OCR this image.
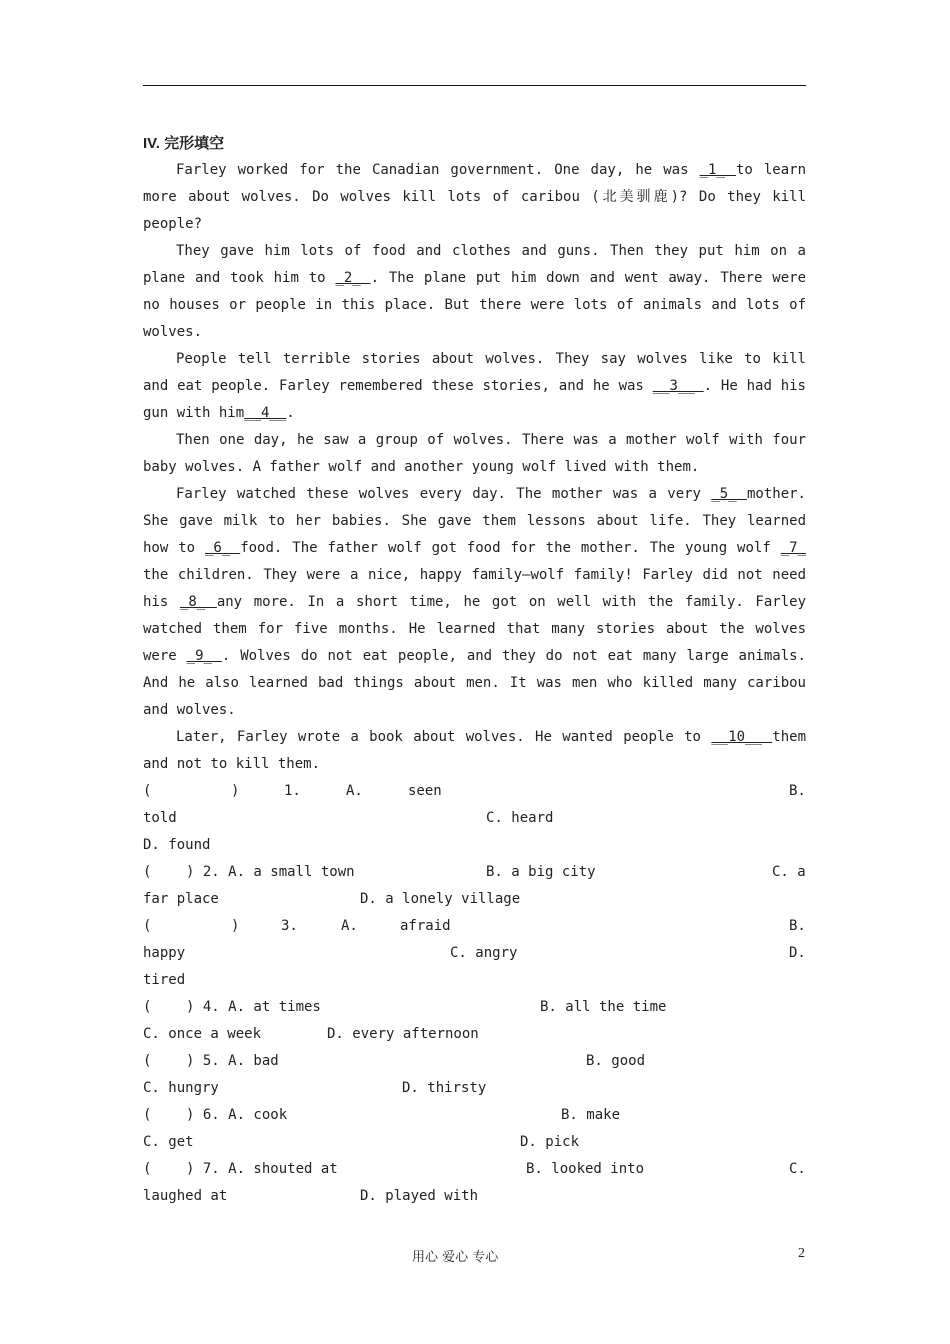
IV. 完形填空
Farley worked for the Canadian government. One day, he was _1_ to learn more about wolves. Do wolves kill lots of caribou (北美驯鹿)? Do they kill people?
They gave him lots of food and clothes and guns. Then they put him on a plane and took him to _2_ . The plane put him down and went away. There were no houses or people in this place. But there were lots of animals and lots of wolves.
People tell terrible stories about wolves. They say wolves like to kill and eat people. Farley remembered these stories, and he was __3__ . He had his gun with him__4__.
Then one day, he saw a group of wolves. There was a mother wolf with four baby wolves. A father wolf and another young wolf lived with them.
Farley watched these wolves every day. The mother was a very _5_ mother. She gave milk to her babies. She gave them lessons about life. They learned how to _6_ food. The father wolf got food for the mother. The young wolf _7_ the children. They were a nice, happy family—wolf family! Farley did not need his _8_ any more. In a short time, he got on well with the family. Farley watched them for five months. He learned that many stories about the wolves were _9_ . Wolves do not eat people, and they do not eat many large animals. And he also learned bad things about men. It was men who killed many caribou and wolves.
Later, Farley wrote a book about wolves. He wanted people to __10__ them and not to kill them.
(	)	1.	A.	seen	B.
told	C. heard
D. found
( ) 2. A. a small town	B. a big city	C. a
far place	D. a lonely village
(	)	3.	A.	afraid	B.
happy	C. angry	D.
tired
( ) 4. A. at times	B. all the time
C. once a week	D. every afternoon
( ) 5. A. bad	B. good
C. hungry	D. thirsty
( ) 6. A. cook	B. make
C. get	D. pick
( ) 7. A. shouted at	B. looked into	C.
laughed at	D. played with
用心 爱心 专心	2
